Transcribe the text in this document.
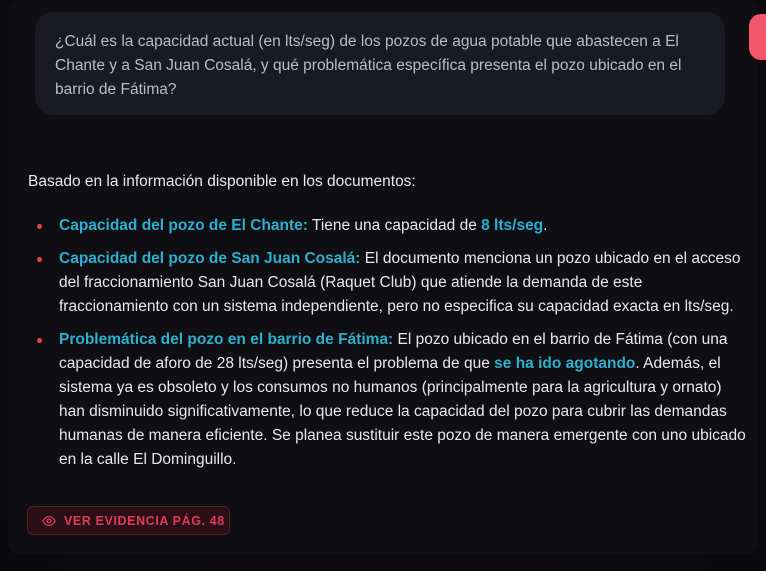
¿Cuál es la capacidad actual (en lts/seg) de los pozos de agua potable que abastecen a El Chante y a San Juan Cosalá, y qué problemática específica presenta el pozo ubicado en el barrio de Fátima?

Basado en la información disponible en los documentos:

Capacidad del pozo de El Chante: Tiene una capacidad de 8 lts/seg.
Capacidad del pozo de San Juan Cosalá: El documento menciona un pozo ubicado en el acceso del fraccionamiento San Juan Cosalá (Raquet Club) que atiende la demanda de este fraccionamiento con un sistema independiente, pero no especifica su capacidad exacta en lts/seg.
Problemática del pozo en el barrio de Fátima: El pozo ubicado en el barrio de Fátima (con una capacidad de aforo de 28 lts/seg) presenta el problema de que se ha ido agotando. Además, el sistema ya es obsoleto y los consumos no humanos (principalmente para la agricultura y ornato) han disminuido significativamente, lo que reduce la capacidad del pozo para cubrir las demandas humanas de manera eficiente. Se planea sustituir este pozo de manera emergente con uno ubicado en la calle El Dominguillo.
VER EVIDENCIA PÁG. 48
